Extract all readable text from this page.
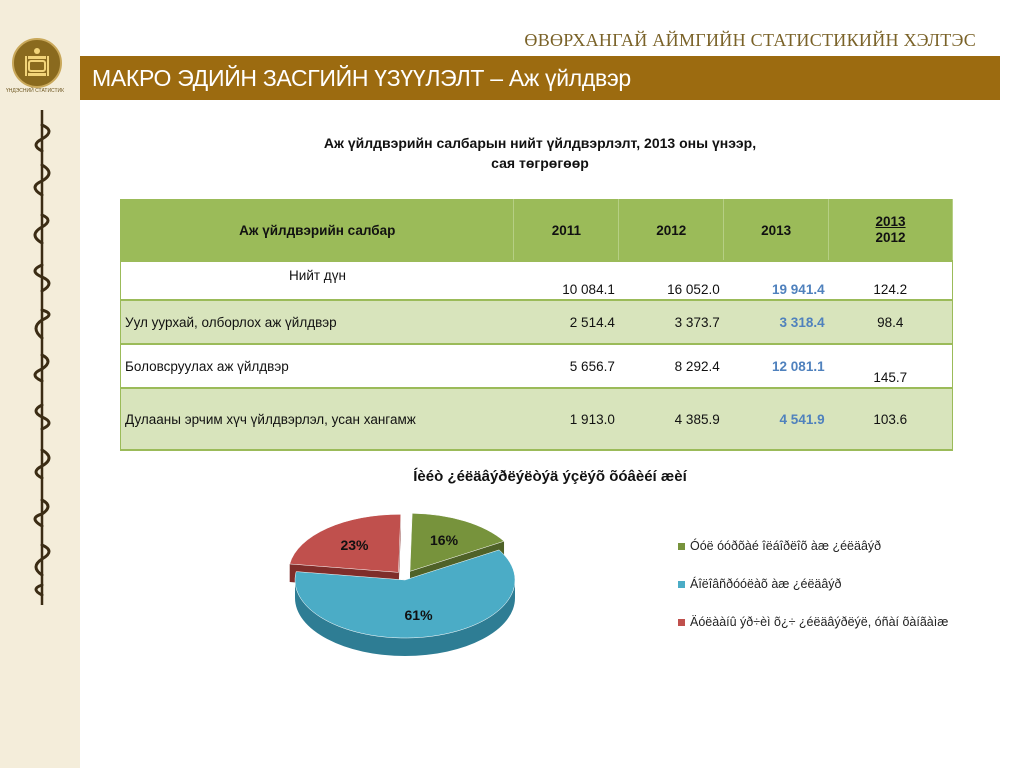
ҮНДЭСНИЙ СТАТИСТИК
ӨВӨРХАНГАЙ АЙМГИЙН СТАТИСТИКИЙН ХЭЛТЭС
МАКРО ЭДИЙН ЗАСГИЙН ҮЗҮҮЛЭЛТ – Аж үйлдвэр
Аж үйлдвэрийн салбарын нийт үйлдвэрлэлт, 2013 оны үнээр,
сая төгрөгөөр
Аж үйлдвэрийн салбар	2011	2012	2013	2013
2012

Нийт дүн	10 084.1	16 052.0	19 941.4	124.2
Уул уурхай, олборлох аж үйлдвэр	2 514.4	3 373.7	3 318.4	98.4
Боловсруулах аж үйлдвэр	5 656.7	8 292.4	12 081.1	145.7
Дулааны эрчим хүч үйлдвэрлэл, усан хангамж	1 913.0	4 385.9	4 541.9	103.6
Íèéò ¿éëäâýðëýëòýä ýçëýõ õóâèéí æèí
16%
61%
23%	Óóë óóðõàé îëáîðëîõ àæ ¿éëäâýð
Áîëîâñðóóëàõ àæ ¿éëäâýð
Äóëààíû ýð÷èì õ¿÷ ¿éëäâýðëýë, óñàí õàíãàìæ
